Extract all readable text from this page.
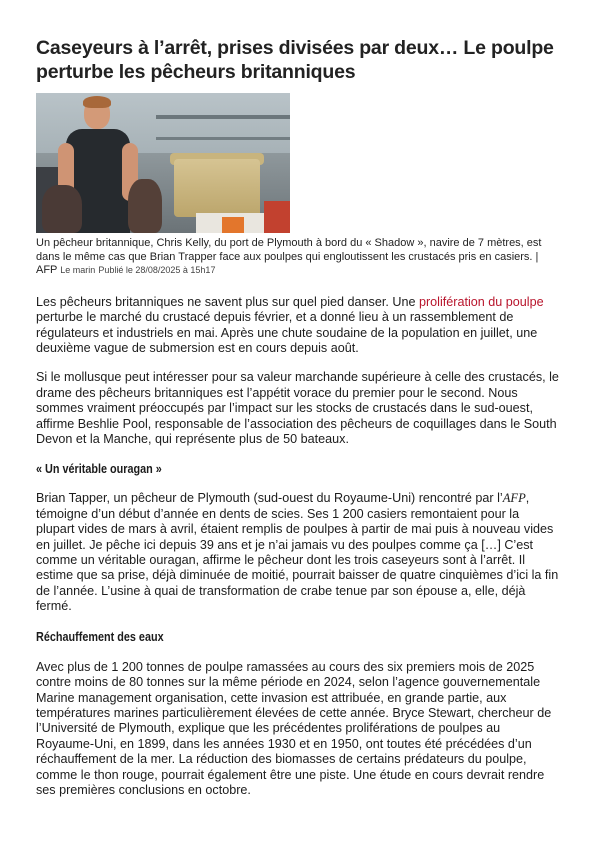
Caseyeurs à l’arrêt, prises divisées par deux… Le poulpe perturbe les pêcheurs britanniques

Un pêcheur britannique, Chris Kelly, du port de Plymouth à bord du « Shadow », navire de 7 mètres, est dans le même cas que Brian Trapper face aux poulpes qui engloutissent les crustacés pris en casiers. | AFP Le marin Publié le 28/08/2025 à 15h17

Les pêcheurs britanniques ne savent plus sur quel pied danser. Une prolifération du poulpe perturbe le marché du crustacé depuis février, et a donné lieu à un rassemblement de régulateurs et industriels en mai. Après une chute soudaine de la population en juillet, une deuxième vague de submersion est en cours depuis août.

Si le mollusque peut intéresser pour sa valeur marchande supérieure à celle des crustacés, le drame des pêcheurs britanniques est l’appétit vorace du premier pour le second. Nous sommes vraiment préoccupés par l’impact sur les stocks de crustacés dans le sud-ouest, affirme Beshlie Pool, responsable de l’association des pêcheurs de coquillages dans le South Devon et la Manche, qui représente plus de 50 bateaux.

« Un véritable ouragan »

Brian Tapper, un pêcheur de Plymouth (sud-ouest du Royaume-Uni) rencontré par l’AFP, témoigne d’un début d’année en dents de scies. Ses 1 200 casiers remontaient pour la plupart vides de mars à avril, étaient remplis de poulpes à partir de mai puis à nouveau vides en juillet. Je pêche ici depuis 39 ans et je n’ai jamais vu des poulpes comme ça […] C’est comme un véritable ouragan, affirme le pêcheur dont les trois caseyeurs sont à l’arrêt. Il estime que sa prise, déjà diminuée de moitié, pourrait baisser de quatre cinquièmes d’ici la fin de l’année. L’usine à quai de transformation de crabe tenue par son épouse a, elle, déjà fermé.

Réchauffement des eaux

Avec plus de 1 200 tonnes de poulpe ramassées au cours des six premiers mois de 2025 contre moins de 80 tonnes sur la même période en 2024, selon l’agence gouvernementale Marine management organisation, cette invasion est attribuée, en grande partie, aux températures marines particulièrement élevées de cette année. Bryce Stewart, chercheur de l’Université de Plymouth, explique que les précédentes proliférations de poulpes au Royaume-Uni, en 1899, dans les années 1930 et en 1950, ont toutes été précédées d’un réchauffement de la mer. La réduction des biomasses de certains prédateurs du poulpe, comme le thon rouge, pourrait également être une piste. Une étude en cours devrait rendre ses premières conclusions en octobre.
